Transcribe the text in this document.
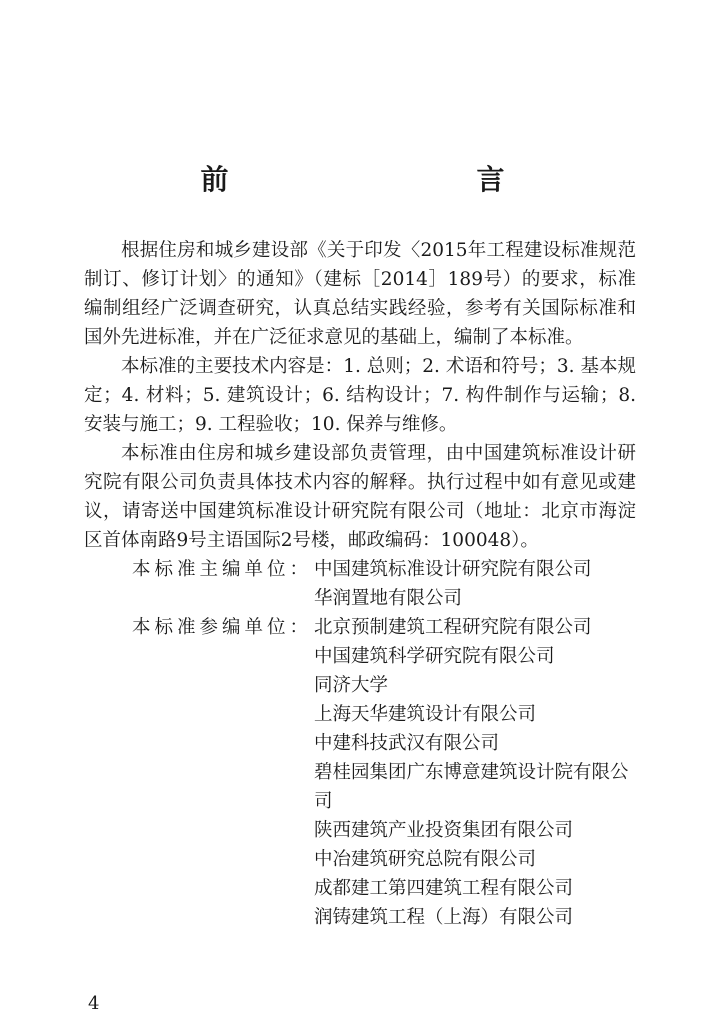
前　　言

根据住房和城乡建设部《关于印发〈2015年工程建设标准规范制订、修订计划〉的通知》（建标［2014］189号）的要求，标准编制组经广泛调查研究，认真总结实践经验，参考有关国际标准和国外先进标准，并在广泛征求意见的基础上，编制了本标准。

本标准的主要技术内容是：1. 总则；2. 术语和符号；3. 基本规定；4. 材料；5. 建筑设计；6. 结构设计；7. 构件制作与运输；8. 安装与施工；9. 工程验收；10. 保养与维修。

本标准由住房和城乡建设部负责管理，由中国建筑标准设计研究院有限公司负责具体技术内容的解释。执行过程中如有意见或建议，请寄送中国建筑标准设计研究院有限公司（地址：北京市海淀区首体南路9号主语国际2号楼，邮政编码：100048）。

本标准主编单位： 中国建筑标准设计研究院有限公司
华润置地有限公司
本标准参编单位： 北京预制建筑工程研究院有限公司
中国建筑科学研究院有限公司
同济大学
上海天华建筑设计有限公司
中建科技武汉有限公司
碧桂园集团广东博意建筑设计院有限公司
陕西建筑产业投资集团有限公司
中冶建筑研究总院有限公司
成都建工第四建筑工程有限公司
润铸建筑工程（上海）有限公司
4
